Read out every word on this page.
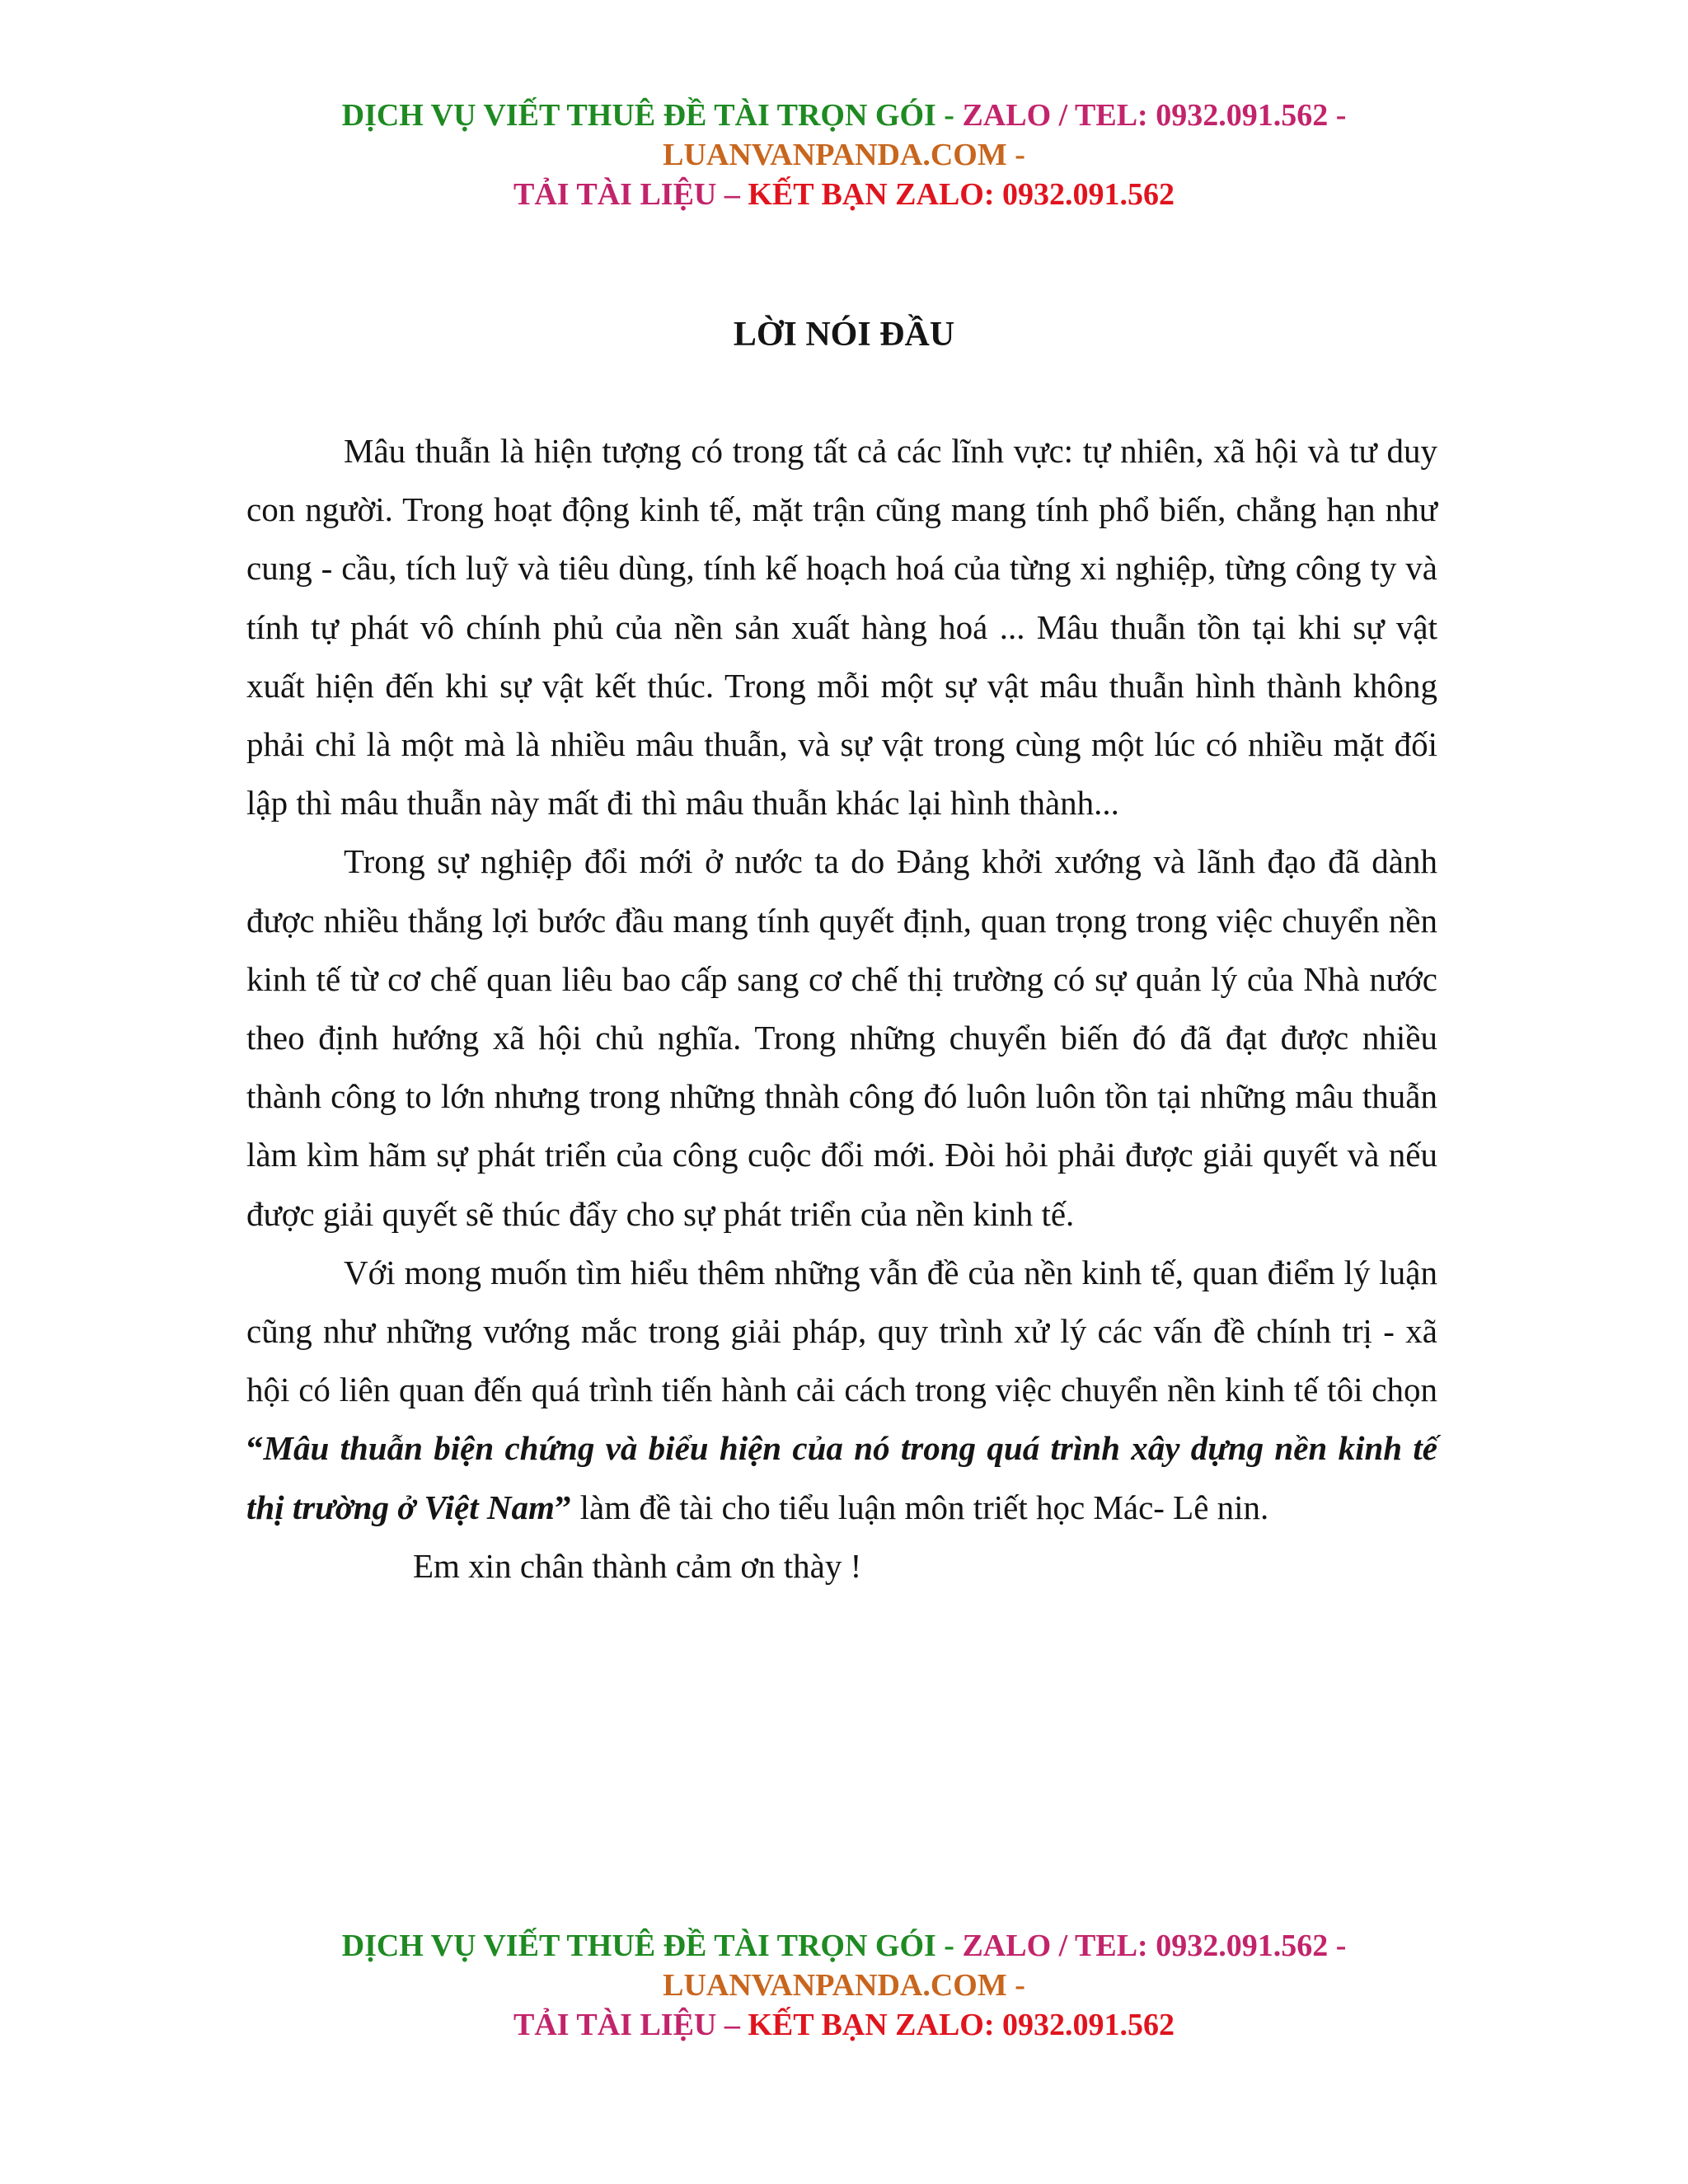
DỊCH VỤ VIẾT THUÊ ĐỀ TÀI TRỌN GÓI - ZALO / TEL: 0932.091.562 -
LUANVANPANDA.COM -
TẢI TÀI LIỆU – KẾT BẠN ZALO: 0932.091.562
LỜI NÓI ĐẦU

Mâu thuẫn là hiện tượng có trong tất cả các lĩnh vực: tự nhiên, xã hội và tư duy con người. Trong hoạt động kinh tế, mặt trận cũng mang tính phổ biến, chẳng hạn như cung - cầu, tích luỹ và tiêu dùng, tính kế hoạch hoá của từng xi nghiệp, từng công ty và tính tự phát vô chính phủ của nền sản xuất hàng hoá ... Mâu thuẫn tồn tại khi sự vật xuất hiện đến khi sự vật kết thúc. Trong mỗi một sự vật mâu thuẫn hình thành không phải chỉ là một mà là nhiều mâu thuẫn, và sự vật trong cùng một lúc có nhiều mặt đối lập thì mâu thuẫn này mất đi thì mâu thuẫn khác lại hình thành...

Trong sự nghiệp đổi mới ở nước ta do Đảng khởi xướng và lãnh đạo đã dành được nhiều thắng lợi bước đầu mang tính quyết định, quan trọng trong việc chuyển nền kinh tế từ cơ chế quan liêu bao cấp sang cơ chế thị trường có sự quản lý của Nhà nước theo định hướng xã hội chủ nghĩa. Trong những chuyển biến đó đã đạt được nhiều thành công to lớn nhưng trong những thnàh công đó luôn luôn tồn tại những mâu thuẫn làm kìm hãm sự phát triển của công cuộc đổi mới. Đòi hỏi phải được giải quyết và nếu được giải quyết sẽ thúc đẩy cho sự phát triển của nền kinh tế.

Với mong muốn tìm hiểu thêm những vẫn đề của nền kinh tế, quan điểm lý luận cũng như những vướng mắc trong giải pháp, quy trình xử lý các vấn đề chính trị - xã hội có liên quan đến quá trình tiến hành cải cách trong việc chuyển nền kinh tế tôi chọn “Mâu thuẫn biện chứng và biểu hiện của nó trong quá trình xây dựng nền kinh tế thị trường ở Việt Nam” làm đề tài cho tiểu luận môn triết học Mác- Lê nin.

Em xin chân thành cảm ơn thày !

DỊCH VỤ VIẾT THUÊ ĐỀ TÀI TRỌN GÓI - ZALO / TEL: 0932.091.562 -
LUANVANPANDA.COM -
TẢI TÀI LIỆU – KẾT BẠN ZALO: 0932.091.562
